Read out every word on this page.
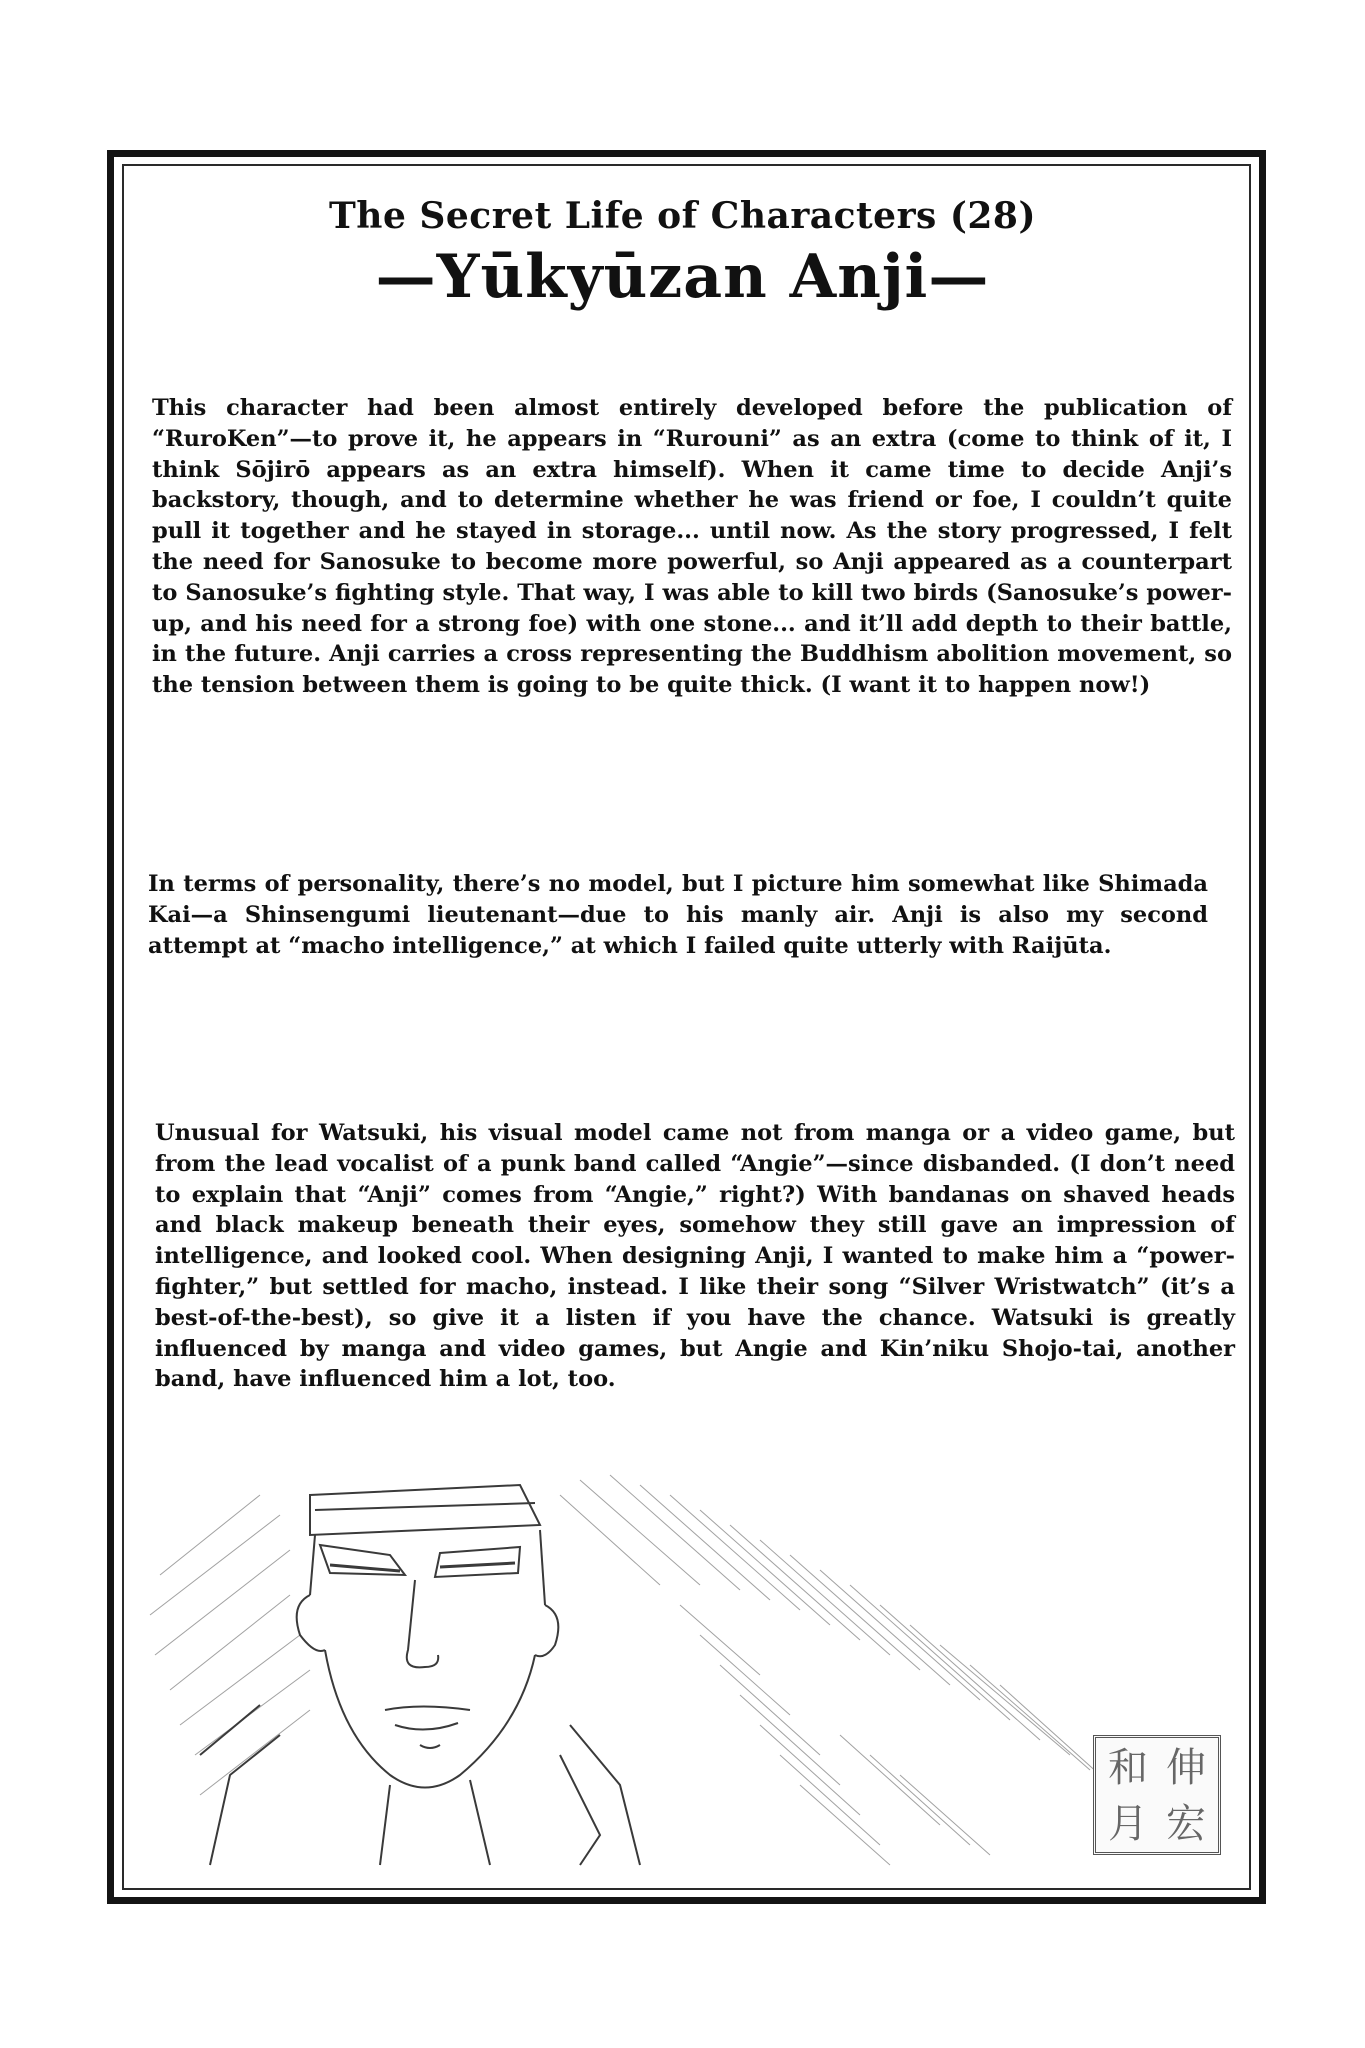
The Secret Life of Characters (28)
—Yūkyūzan Anji—

This character had been almost entirely developed before the publication of “RuroKen”—to prove it, he appears in “Rurouni” as an extra (come to think of it, I think Sōjirō appears as an extra himself). When it came time to decide Anji’s backstory, though, and to determine whether he was friend or foe, I couldn’t quite pull it together and he stayed in storage... until now. As the story progressed, I felt the need for Sanosuke to become more powerful, so Anji appeared as a counterpart to Sanosuke’s fighting style. That way, I was able to kill two birds (Sanosuke’s power-up, and his need for a strong foe) with one stone... and it’ll add depth to their battle, in the future. Anji carries a cross representing the Buddhism abolition movement, so the tension between them is going to be quite thick. (I want it to happen now!)

In terms of personality, there’s no model, but I picture him somewhat like Shimada Kai—a Shinsengumi lieutenant—due to his manly air. Anji is also my second attempt at “macho intelligence,” at which I failed quite utterly with Raijūta.

Unusual for Watsuki, his visual model came not from manga or a video game, but from the lead vocalist of a punk band called “Angie”—since disbanded. (I don’t need to explain that “Anji” comes from “Angie,” right?) With bandanas on shaved heads and black makeup beneath their eyes, somehow they still gave an impression of intelligence, and looked cool. When designing Anji, I wanted to make him a “power-fighter,” but settled for macho, instead. I like their song “Silver Wristwatch” (it’s a best-of-the-best), so give it a listen if you have the chance. Watsuki is greatly influenced by manga and video games, but Angie and Kin’niku Shojo-tai, another band, have influenced him a lot, too.

伸
宏
和
月
